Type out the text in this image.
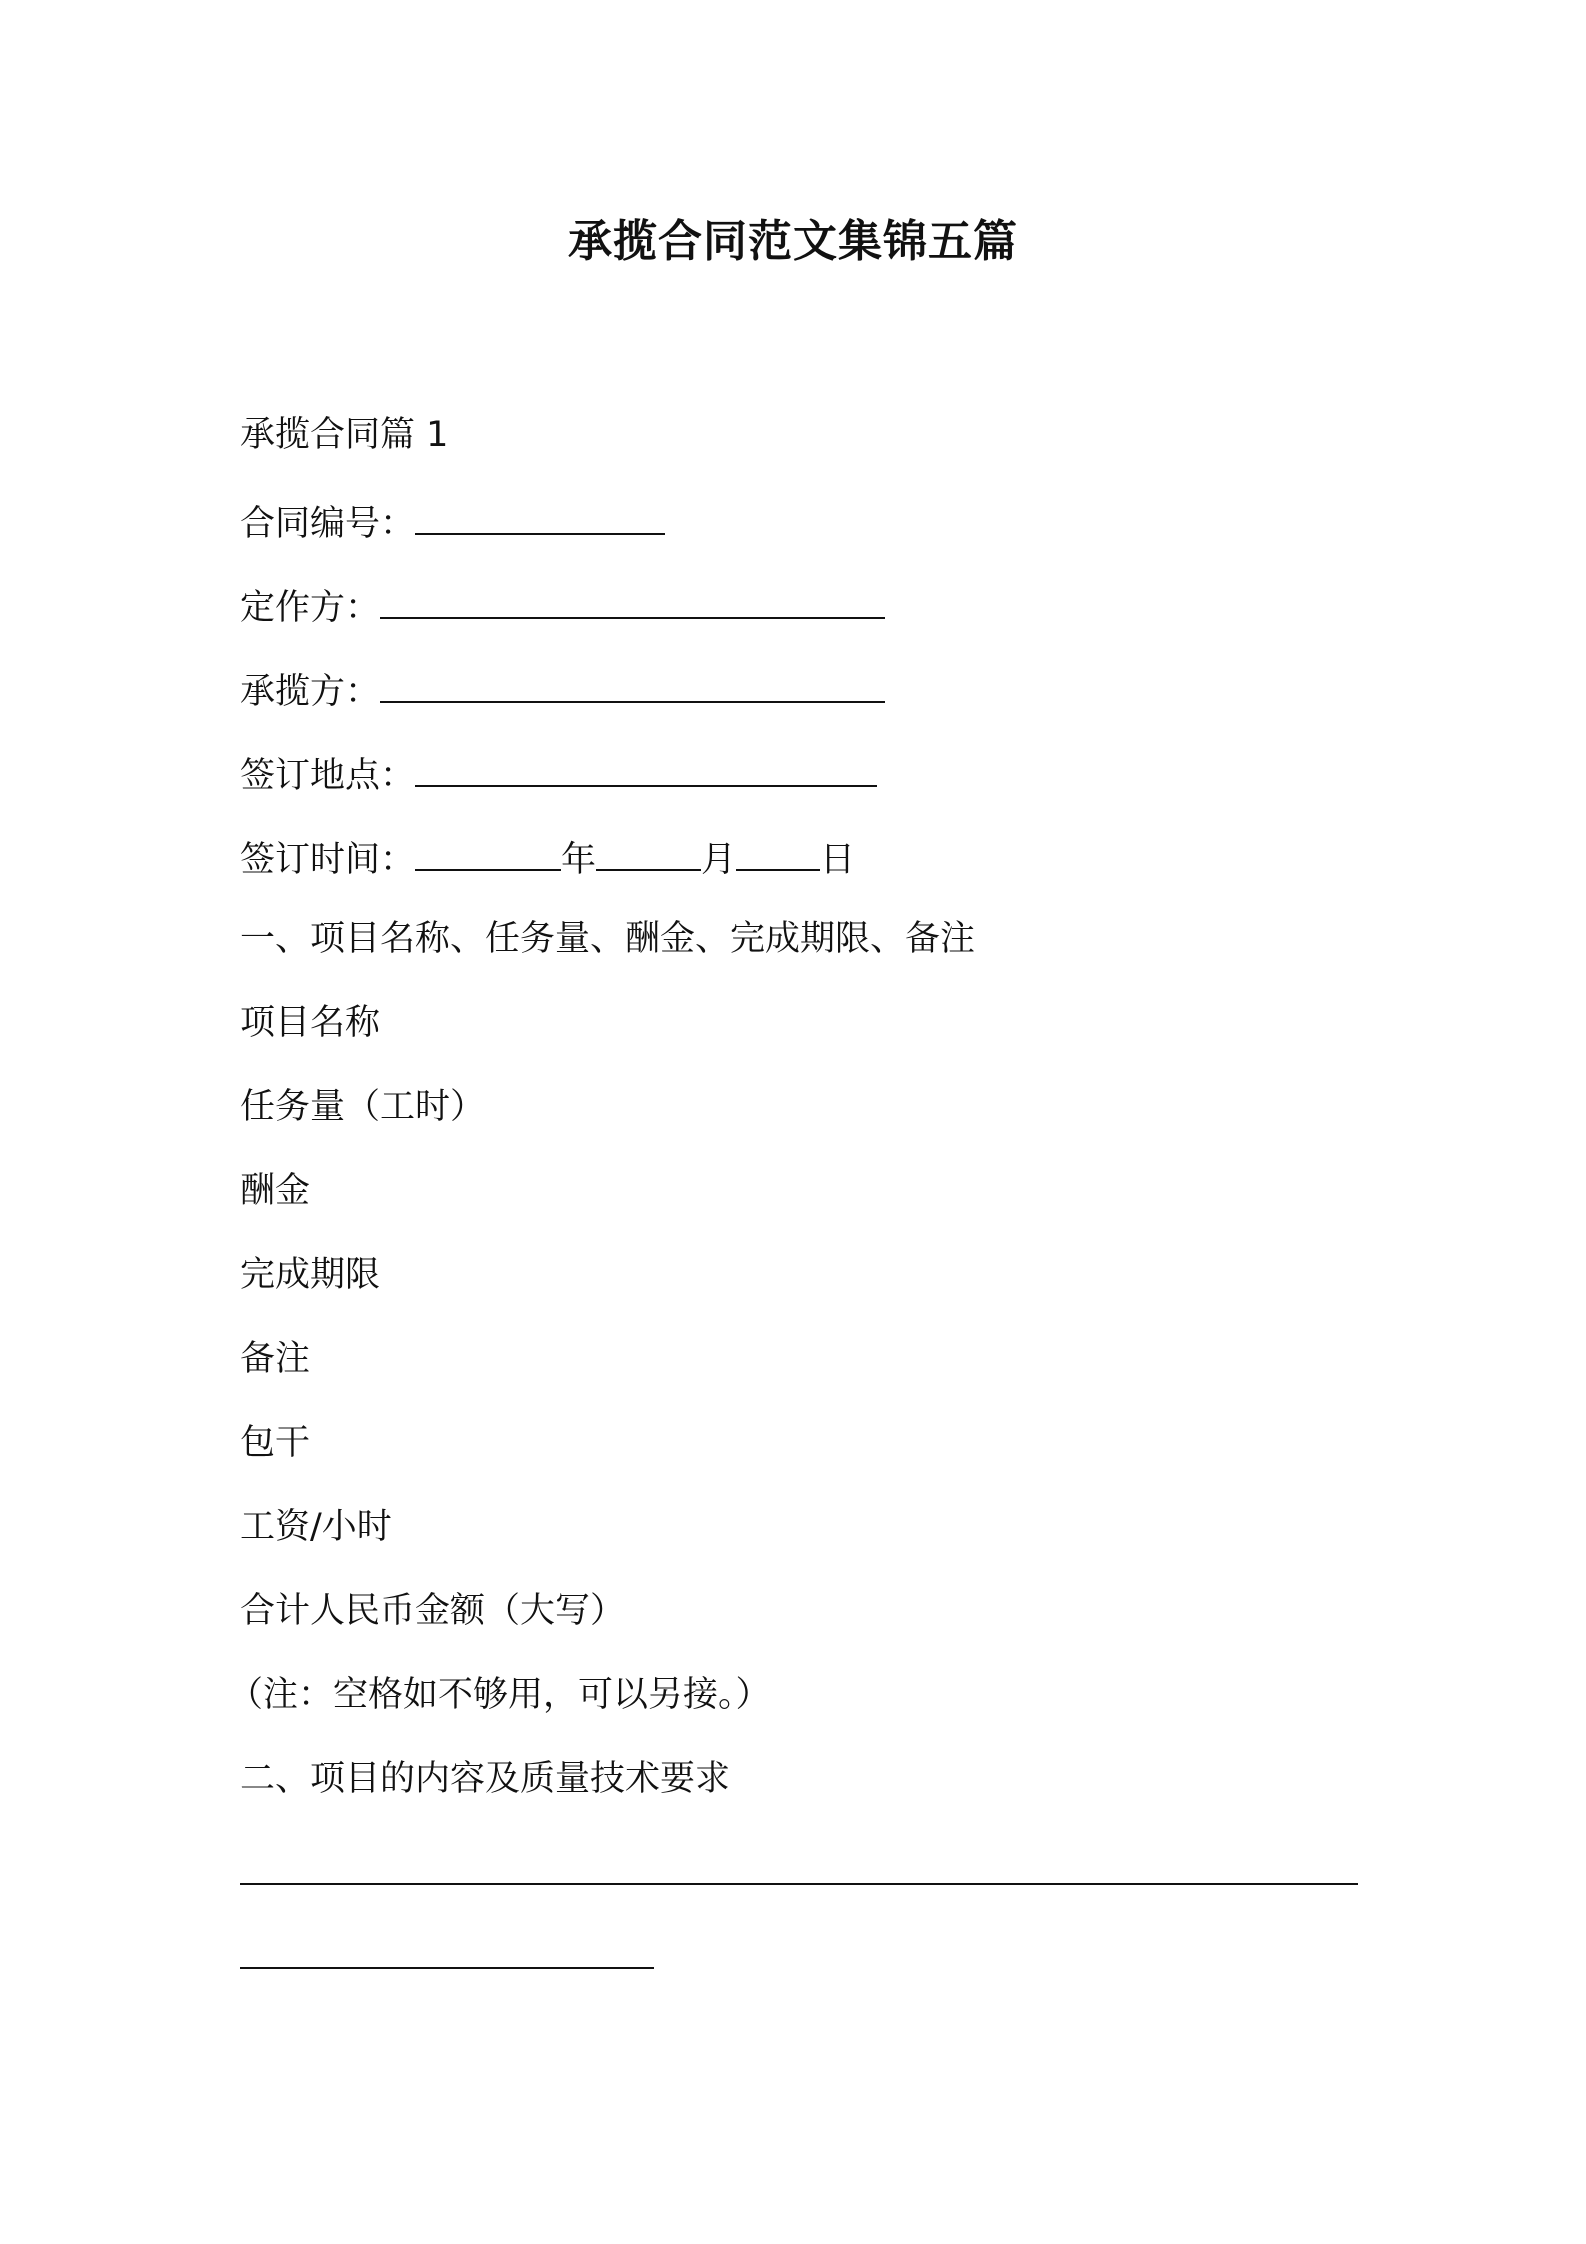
承揽合同范文集锦五篇
承揽合同篇 1
合同编号：
定作方：
承揽方：
签订地点：
签订时间：	年	月 日
一、项目名称、任务量、酬金、完成期限、备注
项目名称
任务量（工时）
酬金
完成期限
备注
包干
工资/小时
合计人民币金额（大写）
（注：空格如不够用，可以另接。）
二、项目的内容及质量技术要求
